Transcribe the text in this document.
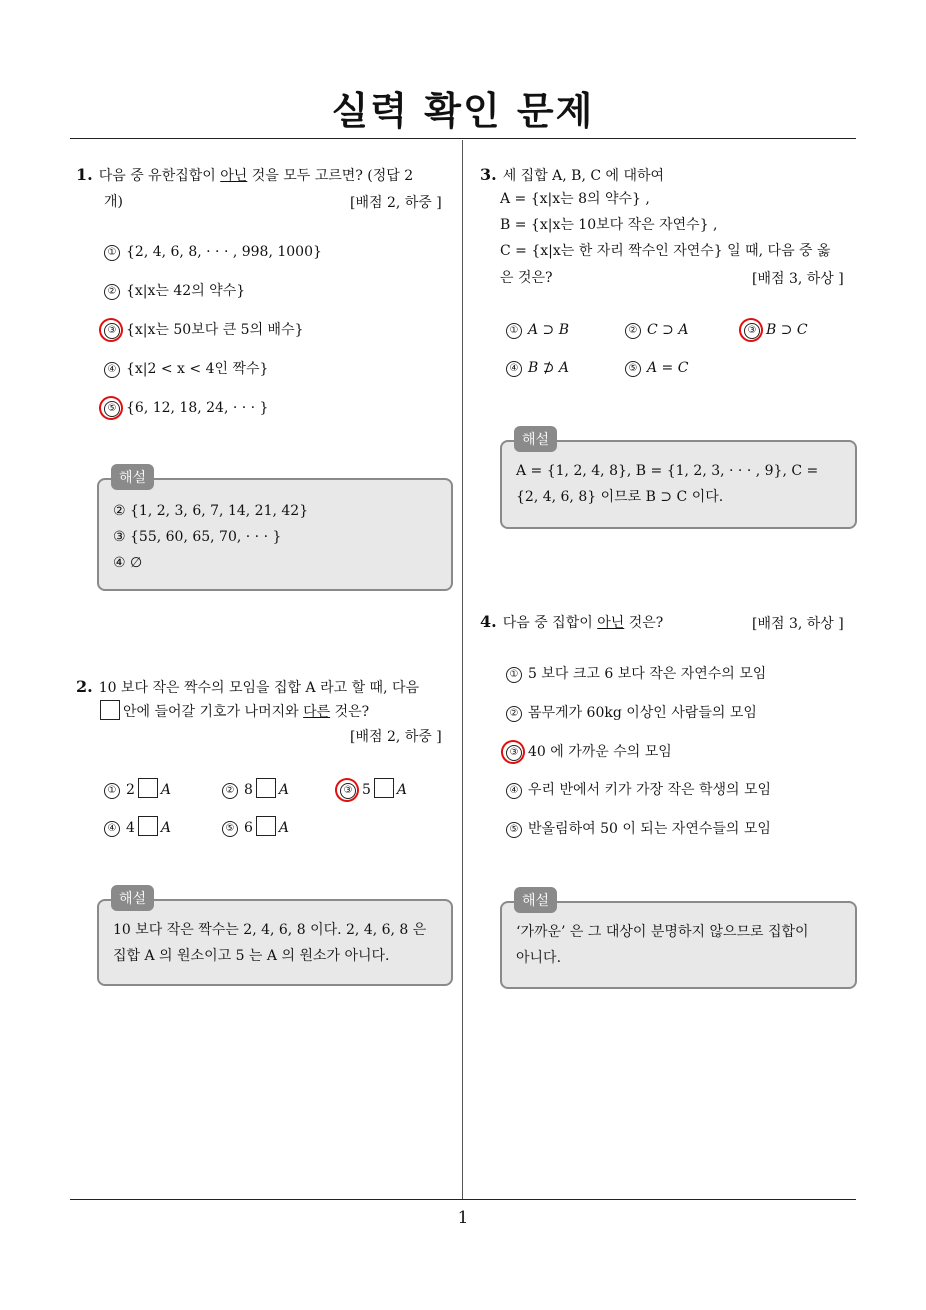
실력 확인 문제
1. 다음 중 유한집합이 아닌 것을 모두 고르면? (정답 2
개)	[배점 2, 하중 ]
① {2, 4, 6, 8, · · · , 998, 1000}
② {x|x는 42의 약수}
③ {x|x는 50보다 큰 5의 배수}
④ {x|2 < x < 4인 짝수}
⑤ {6, 12, 18, 24, · · · }
해설
② {1, 2, 3, 6, 7, 14, 21, 42}
③ {55, 60, 65, 70, · · · }
④ ∅
2. 10 보다 작은 짝수의 모임을 집합 A 라고 할 때, 다음
안에 들어갈 기호가 나머지와 다른 것은?
[배점 2, 하중 ]
① 2 A	② 8 A	③ 5 A
④ 4 A	⑤ 6 A
해설
10 보다 작은 짝수는 2, 4, 6, 8 이다. 2, 4, 6, 8 은
집합 A 의 원소이고 5 는 A 의 원소가 아니다.
3. 세 집합 A, B, C 에 대하여
A = {x|x는 8의 약수} ,
B = {x|x는 10보다 작은 자연수} ,
C = {x|x는 한 자리 짝수인 자연수} 일 때, 다음 중 옳
은 것은?	[배점 3, 하상 ]
① A ⊃ B	② C ⊃ A	③ B ⊃ C
④ B ⊅ A	⑤ A = C
해설
A = {1, 2, 4, 8}, B = {1, 2, 3, · · · , 9}, C =
{2, 4, 6, 8} 이므로 B ⊃ C 이다.
4. 다음 중 집합이 아닌 것은?	[배점 3, 하상 ]
① 5 보다 크고 6 보다 작은 자연수의 모임
② 몸무게가 60kg 이상인 사람들의 모임
③ 40 에 가까운 수의 모임
④ 우리 반에서 키가 가장 작은 학생의 모임
⑤ 반올림하여 50 이 되는 자연수들의 모임
해설
‘가까운’ 은 그 대상이 분명하지 않으므로 집합이
아니다.
1
